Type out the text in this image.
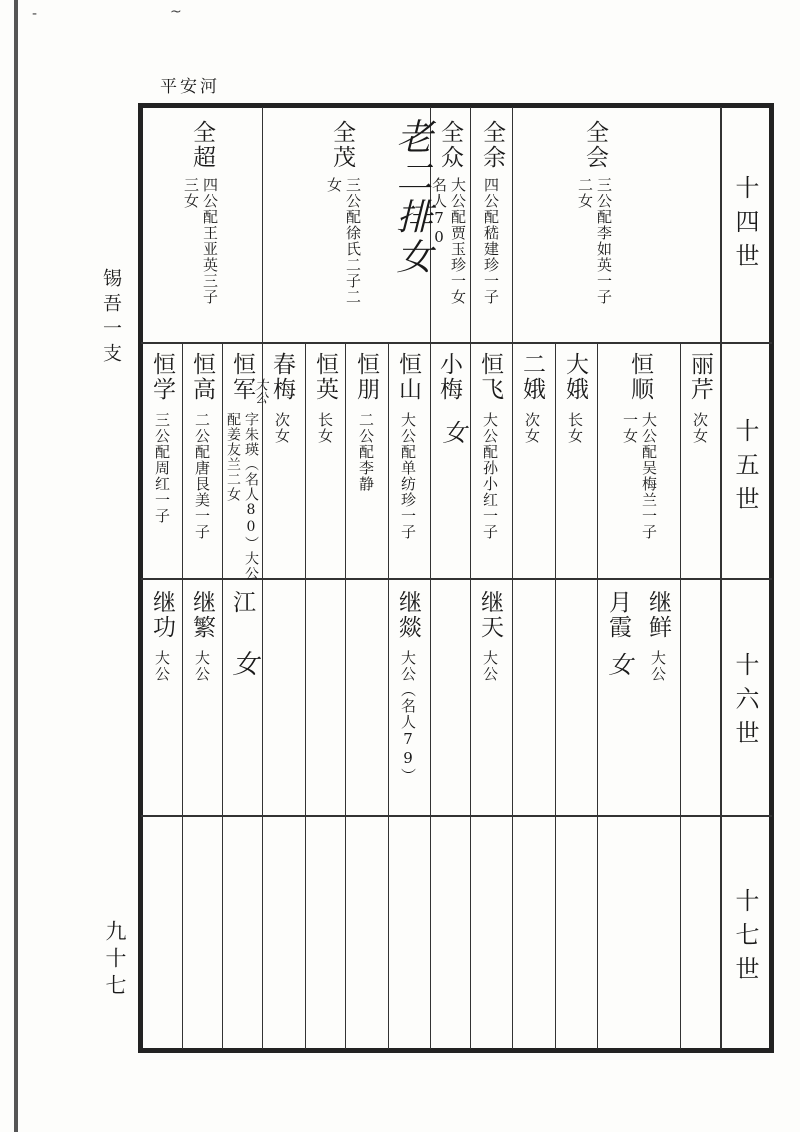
-	~
平安河
锡吾一支
九十七
十四世
十五世
十六世
十七世
全会
三公配李如英一子
二女
全余
四公配嵇建珍一子
全众
大公配贾玉珍一女
名人70
老二排女
全茂
三公配徐氏二子二
女
全超
四公配王亚英三子
三女
丽芹
次女
恒顺
大公配吴梅兰一子
一女
大娥
长女
二娥
次女
恒飞
大公配孙小红一子
小梅
女
恒山
大公配单纺珍一子
恒朋
二公配李静
恒英
长女
春梅
次女
恒军
字朱瑛（名人80）大公
配姜友兰二女
大公
恒高
二公配唐艮美一子
恒学
三公配周红一子
继鲜
大公
月霞
女
继天
大公
继燚
大公（名人79）
江
女
继繁
大公
继功
大公
